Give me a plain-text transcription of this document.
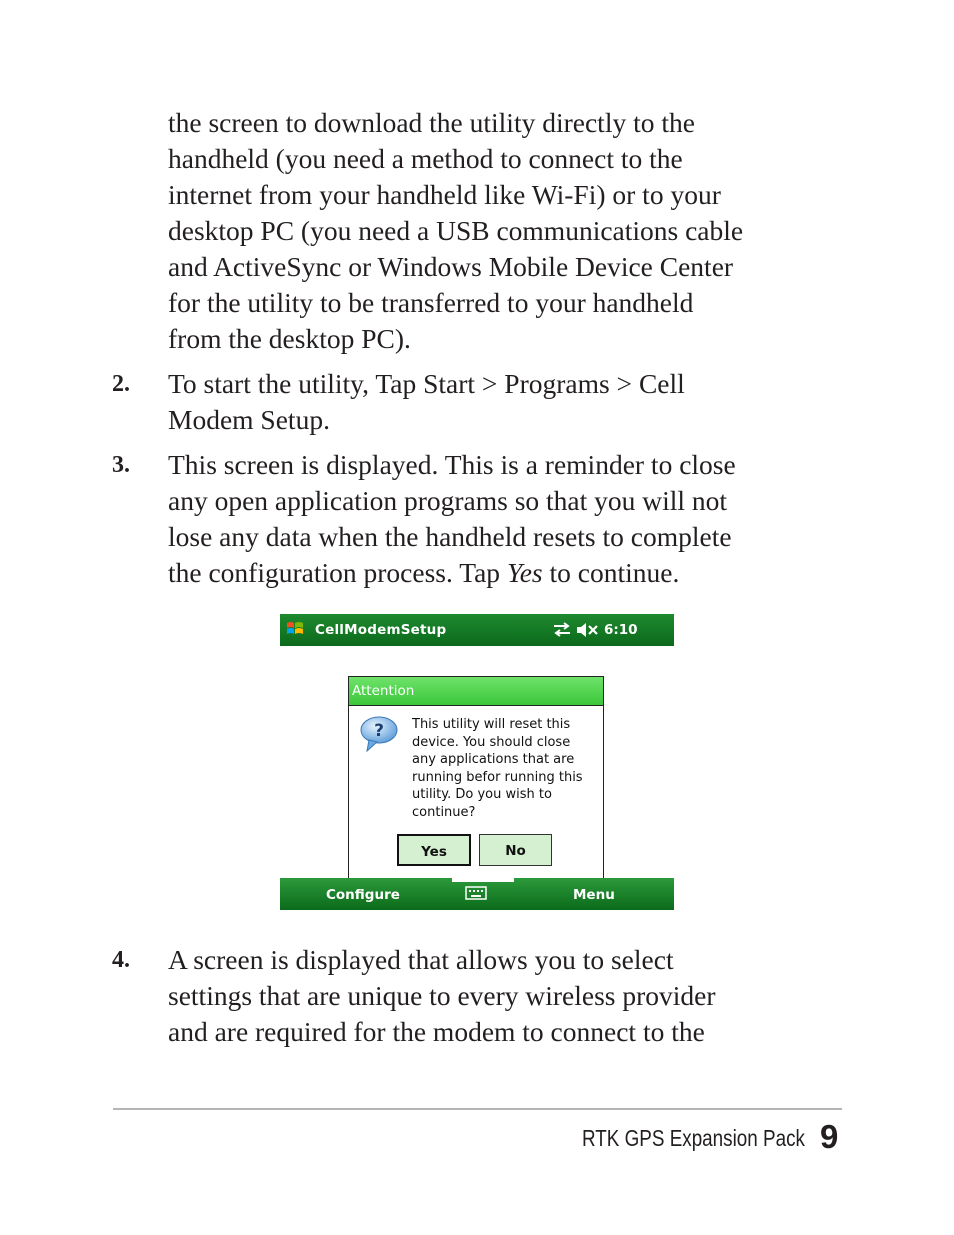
the screen to download the utility directly to the
handheld (you need a method to connect to the
internet from your handheld like Wi-Fi) or to your
desktop PC (you need a USB communications cable
and ActiveSync or Windows Mobile Device Center
for the utility to be transferred to your handheld
from the desktop PC).
2. To start the utility, Tap Start > Programs > Cell
Modem Setup.
3. This screen is displayed. This is a reminder to close
any open application programs so that you will not
lose any data when the handheld resets to complete
the configuration process. Tap Yes to continue.
CellModemSetup	6:10
Attention
? This utility will reset this
device. You should close
any applications that are
running befor running this
utility. Do you wish to
continue?
Yes	No
Configure	Menu
4. A screen is displayed that allows you to select
settings that are unique to every wireless provider
and are required for the modem to connect to the
RTK GPS Expansion Pack 9
